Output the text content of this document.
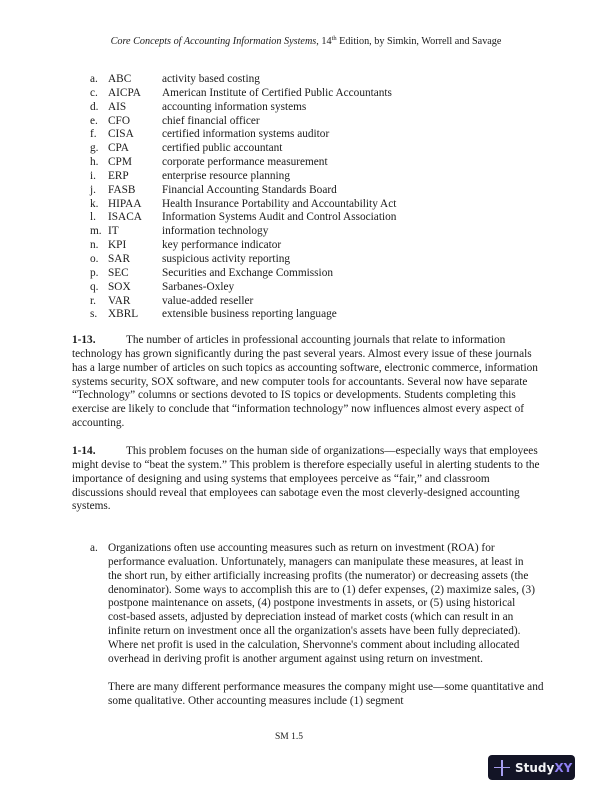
Core Concepts of Accounting Information Systems, 14th Edition, by Simkin, Worrell and Savage
a. ABC	activity based costing
c. AICPA	American Institute of Certified Public Accountants
d. AIS	accounting information systems
e. CFO	chief financial officer
f.	CISA	certified information systems auditor
g. CPA	certified public accountant
h. CPM	corporate performance measurement
i.	ERP	enterprise resource planning
j.	FASB	Financial Accounting Standards Board
k. HIPAA	Health Insurance Portability and Accountability Act
l.	ISACA	Information Systems Audit and Control Association
m. IT	information technology
n. KPI	key performance indicator
o. SAR	suspicious activity reporting
p. SEC	Securities and Exchange Commission
q. SOX	Sarbanes-Oxley
r.	VAR	value-added reseller
s. XBRL	extensible business reporting language
1-13.	The number of articles in professional accounting journals that relate to information technology has grown significantly during the past several years. Almost every issue of these journals has a large number of articles on such topics as accounting software, electronic commerce, information systems security, SOX software, and new computer tools for accountants. Several now have separate “Technology” columns or sections devoted to IS topics or developments. Students completing this exercise are likely to conclude that “information technology” now influences almost every aspect of accounting.
1-14.	This problem focuses on the human side of organizations—especially ways that employees might devise to “beat the system.” This problem is therefore especially useful in alerting students to the importance of designing and using systems that employees perceive as “fair,” and classroom discussions should reveal that employees can sabotage even the most cleverly-designed accounting systems.
a. Organizations often use accounting measures such as return on investment (ROA) for performance evaluation. Unfortunately, managers can manipulate these measures, at least in the short run, by either artificially increasing profits (the numerator) or decreasing assets (the denominator). Some ways to accomplish this are to (1) defer expenses, (2) maximize sales, (3) postpone maintenance on assets, (4) postpone investments in assets, or (5) using historical cost-based assets, adjusted by depreciation instead of market costs (which can result in an infinite return on investment once all the organization's assets have been fully depreciated). Where net profit is used in the calculation, Shervonne's comment about including allocated overhead in deriving profit is another argument against using return on investment.
There are many different performance measures the company might use—some quantitative and some qualitative. Other accounting measures include (1) segment
SM 1.5
Study XY
